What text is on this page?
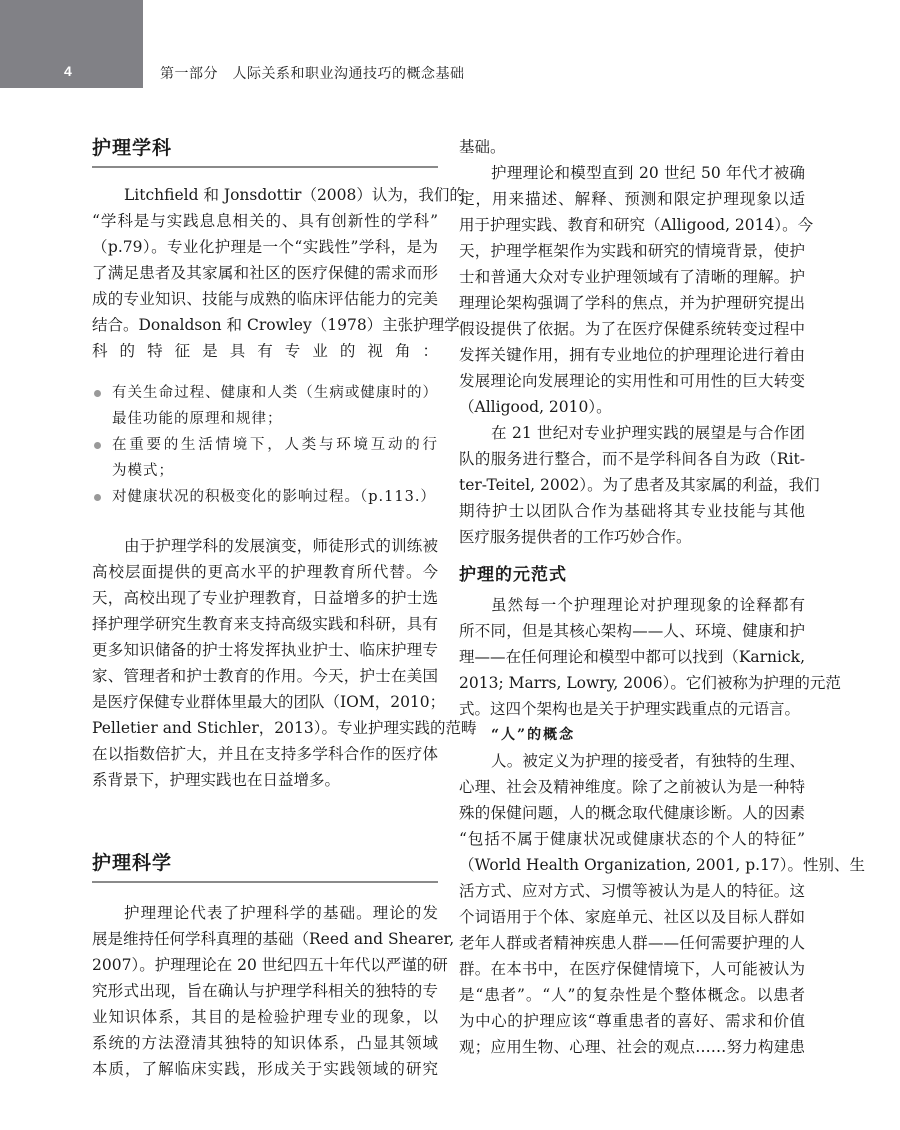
4	第一部分　人际关系和职业沟通技巧的概念基础
护理学科
Litchfield 和 Jonsdottir（2008）认为，我们的
“学科是与实践息息相关的、具有创新性的学科”
（p.79）。专业化护理是一个“实践性”学科，是为
了满足患者及其家属和社区的医疗保健的需求而形
成的专业知识、技能与成熟的临床评估能力的完美
结合。Donaldson 和 Crowley（1978）主张护理学
科的特征是具有专业的视角：
有关生命过程、健康和人类（生病或健康时的）
最佳功能的原理和规律；
在重要的生活情境下，人类与环境互动的行
为模式；
对健康状况的积极变化的影响过程。（p.113.）
由于护理学科的发展演变，师徒形式的训练被
高校层面提供的更高水平的护理教育所代替。今
天，高校出现了专业护理教育，日益增多的护士选
择护理学研究生教育来支持高级实践和科研，具有
更多知识储备的护士将发挥执业护士、临床护理专
家、管理者和护士教育的作用。今天，护士在美国
是医疗保健专业群体里最大的团队（IOM，2010；
Pelletier and Stichler，2013）。专业护理实践的范畴
在以指数倍扩大，并且在支持多学科合作的医疗体
系背景下，护理实践也在日益增多。
护理科学
护理理论代表了护理科学的基础。理论的发
展是维持任何学科真理的基础（Reed and Shearer,
2007）。护理理论在 20 世纪四五十年代以严谨的研
究形式出现，旨在确认与护理学科相关的独特的专
业知识体系，其目的是检验护理专业的现象，以
系统的方法澄清其独特的知识体系，凸显其领域
本质，了解临床实践，形成关于实践领域的研究
基础。
护理理论和模型直到 20 世纪 50 年代才被确
定，用来描述、解释、预测和限定护理现象以适
用于护理实践、教育和研究（Alligood, 2014）。今
天，护理学框架作为实践和研究的情境背景，使护
士和普通大众对专业护理领域有了清晰的理解。护
理理论架构强调了学科的焦点，并为护理研究提出
假设提供了依据。为了在医疗保健系统转变过程中
发挥关键作用，拥有专业地位的护理理论进行着由
发展理论向发展理论的实用性和可用性的巨大转变
（Alligood, 2010）。
在 21 世纪对专业护理实践的展望是与合作团
队的服务进行整合，而不是学科间各自为政（Rit-
ter-Teitel, 2002）。为了患者及其家属的利益，我们
期待护士以团队合作为基础将其专业技能与其他
医疗服务提供者的工作巧妙合作。
护理的元范式
虽然每一个护理理论对护理现象的诠释都有
所不同，但是其核心架构——人、环境、健康和护
理——在任何理论和模型中都可以找到（Karnick,
2013; Marrs, Lowry, 2006）。它们被称为护理的元范
式。这四个架构也是关于护理实践重点的元语言。
“人”的概念
人。被定义为护理的接受者，有独特的生理、
心理、社会及精神维度。除了之前被认为是一种特
殊的保健问题，人的概念取代健康诊断。人的因素
“包括不属于健康状况或健康状态的个人的特征”
（World Health Organization, 2001, p.17）。性别、生
活方式、应对方式、习惯等被认为是人的特征。这
个词语用于个体、家庭单元、社区以及目标人群如
老年人群或者精神疾患人群——任何需要护理的人
群。在本书中，在医疗保健情境下，人可能被认为
是“患者”。“人”的复杂性是个整体概念。以患者
为中心的护理应该“尊重患者的喜好、需求和价值
观；应用生物、心理、社会的观点……努力构建患
